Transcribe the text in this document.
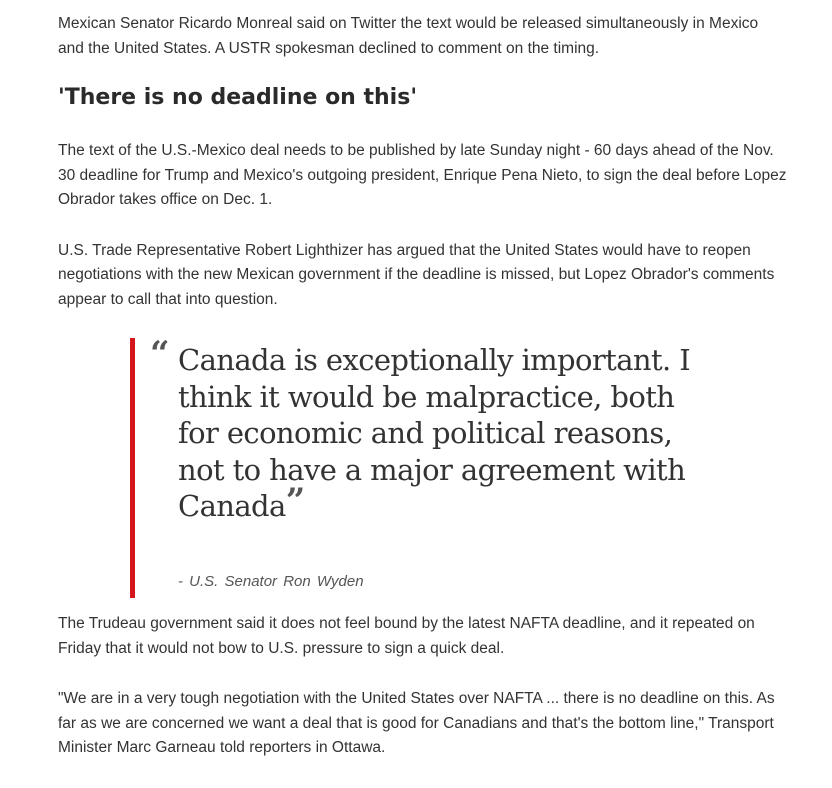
Mexican Senator Ricardo Monreal said on Twitter the text would be released simultaneously in Mexico and the United States. A USTR spokesman declined to comment on the timing.

'There is no deadline on this'

The text of the U.S.-Mexico deal needs to be published by late Sunday night - 60 days ahead of the Nov. 30 deadline for Trump and Mexico's outgoing president, Enrique Pena Nieto, to sign the deal before Lopez Obrador takes office on Dec. 1.

U.S. Trade Representative Robert Lighthizer has argued that the United States would have to reopen negotiations with the new Mexican government if the deadline is missed, but Lopez Obrador's comments appear to call that into question.

“ Canada is exceptionally important. I think it would be malpractice, both for economic and political reasons, not to have a major agreement with Canada”

- U.S. Senator Ron Wyden

The Trudeau government said it does not feel bound by the latest NAFTA deadline, and it repeated on Friday that it would not bow to U.S. pressure to sign a quick deal.

"We are in a very tough negotiation with the United States over NAFTA ... there is no deadline on this. As far as we are concerned we want a deal that is good for Canadians and that's the bottom line," Transport Minister Marc Garneau told reporters in Ottawa.
